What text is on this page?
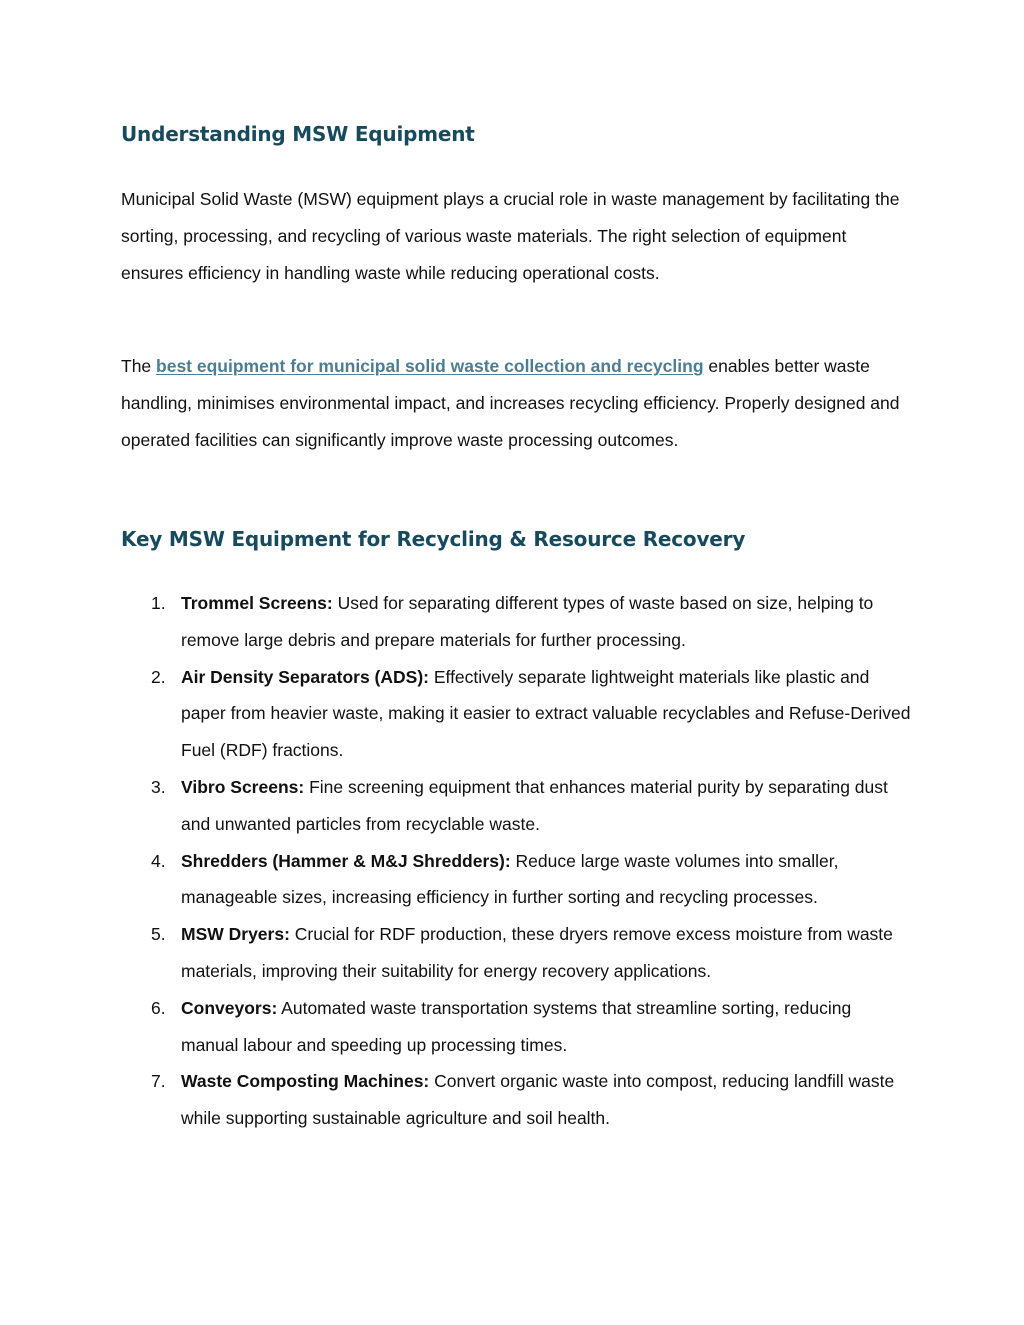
Understanding MSW Equipment

Municipal Solid Waste (MSW) equipment plays a crucial role in waste management by facilitating the sorting, processing, and recycling of various waste materials. The right selection of equipment ensures efficiency in handling waste while reducing operational costs.

The best equipment for municipal solid waste collection and recycling enables better waste handling, minimises environmental impact, and increases recycling efficiency. Properly designed and operated facilities can significantly improve waste processing outcomes.

Key MSW Equipment for Recycling & Resource Recovery
1. Trommel Screens: Used for separating different types of waste based on size, helping to remove large debris and prepare materials for further processing.
2. Air Density Separators (ADS): Effectively separate lightweight materials like plastic and paper from heavier waste, making it easier to extract valuable recyclables and Refuse-Derived Fuel (RDF) fractions.
3. Vibro Screens: Fine screening equipment that enhances material purity by separating dust and unwanted particles from recyclable waste.
4. Shredders (Hammer & M&J Shredders): Reduce large waste volumes into smaller, manageable sizes, increasing efficiency in further sorting and recycling processes.
5. MSW Dryers: Crucial for RDF production, these dryers remove excess moisture from waste materials, improving their suitability for energy recovery applications.
6. Conveyors: Automated waste transportation systems that streamline sorting, reducing manual labour and speeding up processing times.
7. Waste Composting Machines: Convert organic waste into compost, reducing landfill waste while supporting sustainable agriculture and soil health.
